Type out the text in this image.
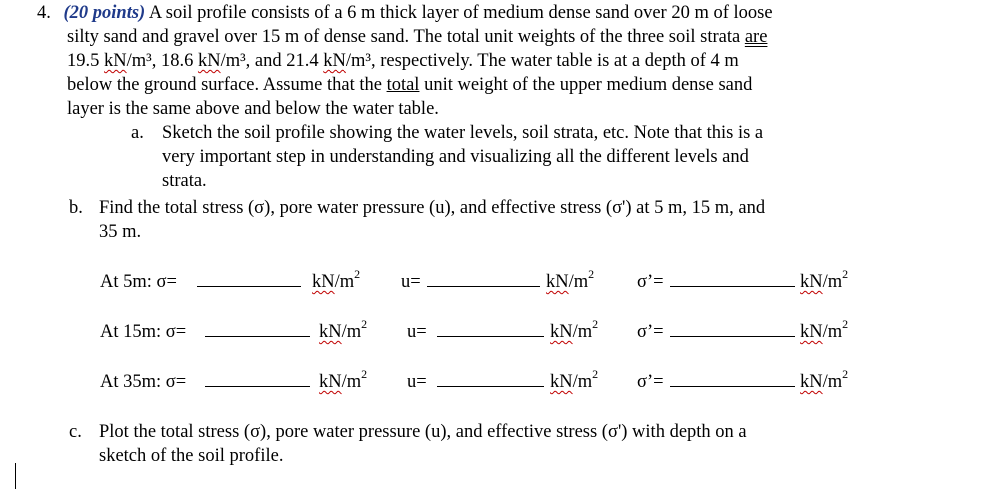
4. (20 points) A soil profile consists of a 6 m thick layer of medium dense sand over 20 m of loose
silty sand and gravel over 15 m of dense sand. The total unit weights of the three soil strata are
19.5 kN/m³, 18.6 kN/m³, and 21.4 kN/m³, respectively. The water table is at a depth of 4 m
below the ground surface. Assume that the total unit weight of the upper medium dense sand
layer is the same above and below the water table.
a. Sketch the soil profile showing the water levels, soil strata, etc. Note that this is a
very important step in understanding and visualizing all the different levels and
strata.
b. Find the total stress (σ), pore water pressure (u), and effective stress (σ') at 5 m, 15 m, and
35 m.
At 5m: σ=	$kN/m^2$ u=	$kN/m^2$ σ’=	$kN/m^2$
At 15m: σ=	$kN/m^2$ u=	$kN/m^2$ σ’=	$kN/m^2$
At 35m: σ=	$kN/m^2$ u=	$kN/m^2$ σ’=	$kN/m^2$
c. Plot the total stress (σ), pore water pressure (u), and effective stress (σ') with depth on a
sketch of the soil profile.
